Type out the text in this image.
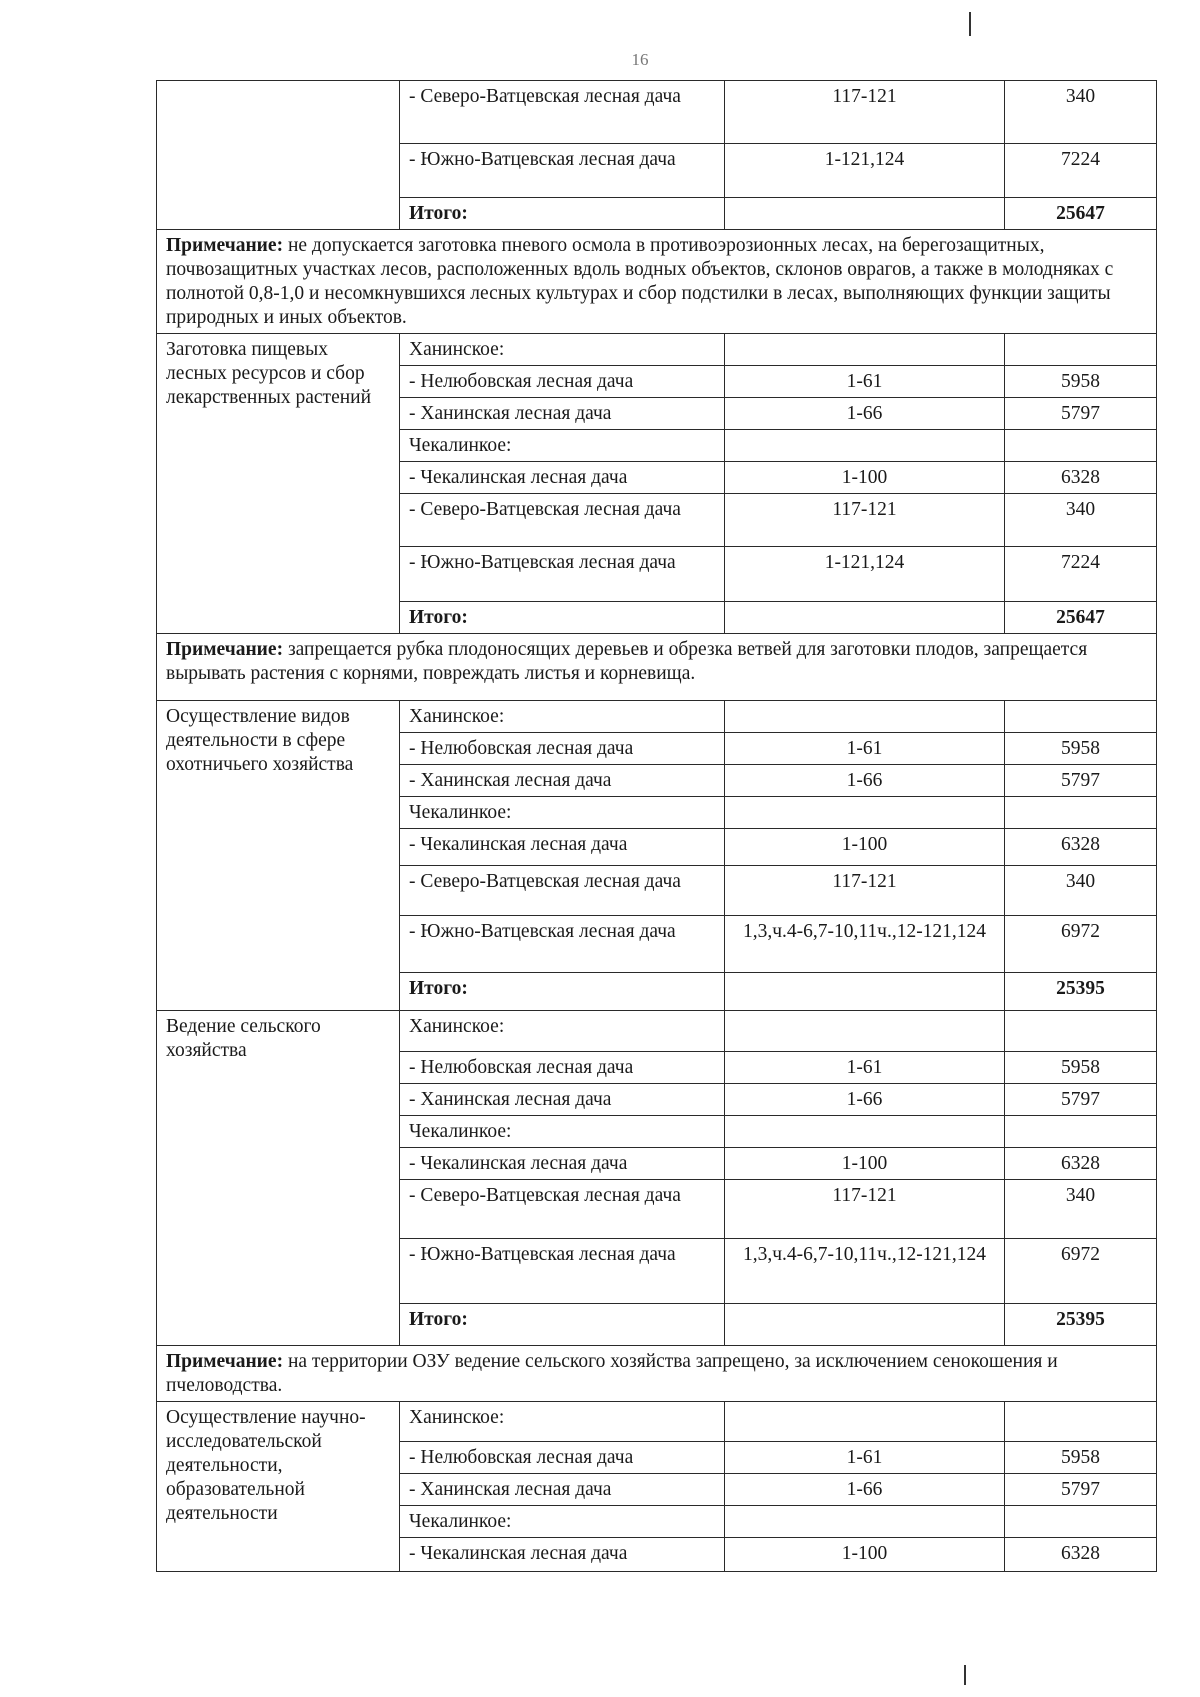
16
	- Северо-Ватцевская лесная дача	117-121	340
	- Южно-Ватцевская лесная дача	1-121,124	7224
	Итого:		25647
Примечание: не допускается заготовка пневого осмола в противоэрозионных лесах, на берегозащитных, почвозащитных участках лесов, расположенных вдоль водных объектов, склонов оврагов, а также в молодняках с полнотой 0,8-1,0 и несомкнувшихся лесных культурах и сбор подстилки в лесах, выполняющих функции защиты природных и иных объектов.			
Заготовка пищевых лесных ресурсов и сбор лекарственных растений	Ханинское:		
	- Нелюбовская лесная дача	1-61	5958
	- Ханинская лесная дача	1-66	5797
	Чекалинкое:		
	- Чекалинская лесная дача	1-100	6328
	- Северо-Ватцевская лесная дача	117-121	340
	- Южно-Ватцевская лесная дача	1-121,124	7224
	Итого:		25647
Примечание: запрещается рубка плодоносящих деревьев и обрезка ветвей для заготовки плодов, запрещается вырывать растения с корнями, повреждать листья и корневища.			
Осуществление видов деятельности в сфере охотничьего хозяйства	Ханинское:		
	- Нелюбовская лесная дача	1-61	5958
	- Ханинская лесная дача	1-66	5797
	Чекалинкое:		
	- Чекалинская лесная дача	1-100	6328
	- Северо-Ватцевская лесная дача	117-121	340
	- Южно-Ватцевская лесная дача	1,3,ч.4-6,7-10,11ч.,12-121,124	6972
	Итого:		25395
Ведение сельского хозяйства	Ханинское:		
	- Нелюбовская лесная дача	1-61	5958
	- Ханинская лесная дача	1-66	5797
	Чекалинкое:		
	- Чекалинская лесная дача	1-100	6328
	- Северо-Ватцевская лесная дача	117-121	340
	- Южно-Ватцевская лесная дача	1,3,ч.4-6,7-10,11ч.,12-121,124	6972
	Итого:		25395
Примечание: на территории ОЗУ ведение сельского хозяйства запрещено, за исключением сенокошения и пчеловодства.			
Осуществление научно-исследовательской деятельности, образовательной деятельности	Ханинское:		
	- Нелюбовская лесная дача	1-61	5958
	- Ханинская лесная дача	1-66	5797
	Чекалинкое:		
	- Чекалинская лесная дача	1-100	6328
